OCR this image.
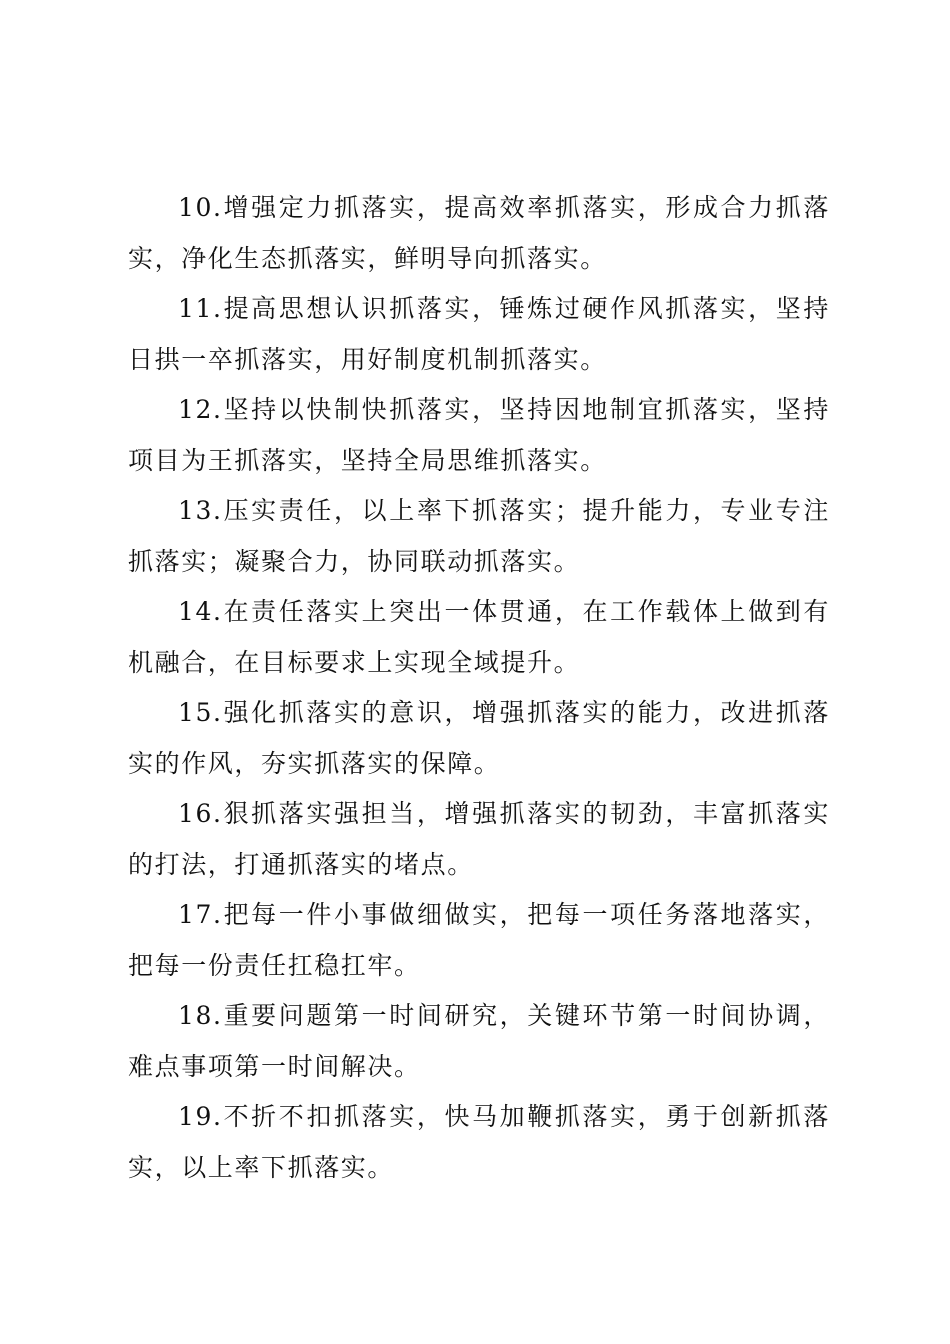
10.增强定力抓落实，提高效率抓落实，形成合力抓落实，净化生态抓落实，鲜明导向抓落实。

11.提高思想认识抓落实，锤炼过硬作风抓落实，坚持日拱一卒抓落实，用好制度机制抓落实。

12.坚持以快制快抓落实，坚持因地制宜抓落实，坚持项目为王抓落实，坚持全局思维抓落实。

13.压实责任，以上率下抓落实；提升能力，专业专注抓落实；凝聚合力，协同联动抓落实。

14.在责任落实上突出一体贯通，在工作载体上做到有机融合，在目标要求上实现全域提升。

15.强化抓落实的意识，增强抓落实的能力，改进抓落实的作风，夯实抓落实的保障。

16.狠抓落实强担当，增强抓落实的韧劲，丰富抓落实的打法，打通抓落实的堵点。

17.把每一件小事做细做实，把每一项任务落地落实，把每一份责任扛稳扛牢。

18.重要问题第一时间研究，关键环节第一时间协调，难点事项第一时间解决。

19.不折不扣抓落实，快马加鞭抓落实，勇于创新抓落实，以上率下抓落实。
